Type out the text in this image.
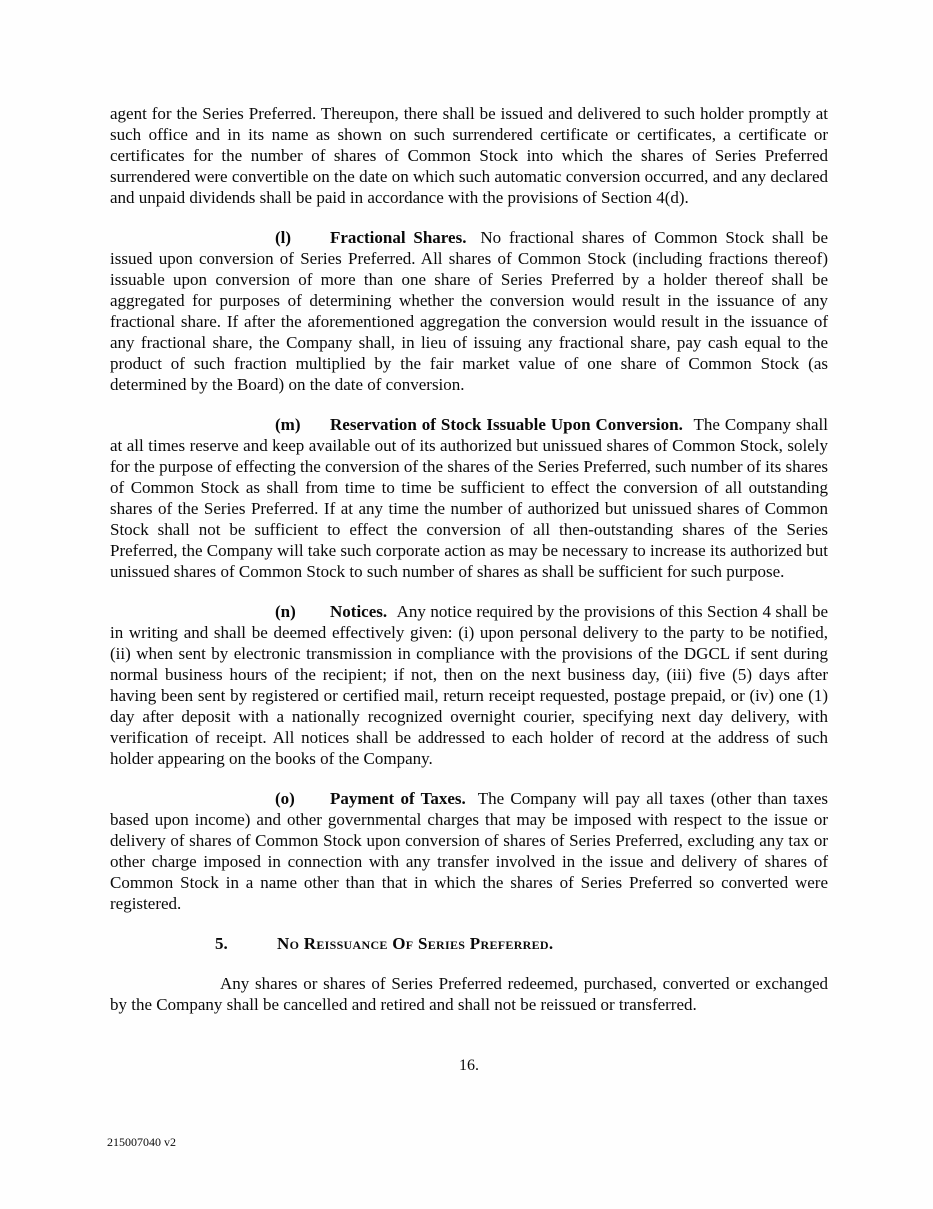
agent for the Series Preferred. Thereupon, there shall be issued and delivered to such holder promptly at such office and in its name as shown on such surrendered certificate or certificates, a certificate or certificates for the number of shares of Common Stock into which the shares of Series Preferred surrendered were convertible on the date on which such automatic conversion occurred, and any declared and unpaid dividends shall be paid in accordance with the provisions of Section 4(d).

(l) Fractional Shares. No fractional shares of Common Stock shall be issued upon conversion of Series Preferred. All shares of Common Stock (including fractions thereof) issuable upon conversion of more than one share of Series Preferred by a holder thereof shall be aggregated for purposes of determining whether the conversion would result in the issuance of any fractional share. If after the aforementioned aggregation the conversion would result in the issuance of any fractional share, the Company shall, in lieu of issuing any fractional share, pay cash equal to the product of such fraction multiplied by the fair market value of one share of Common Stock (as determined by the Board) on the date of conversion.

(m) Reservation of Stock Issuable Upon Conversion. The Company shall at all times reserve and keep available out of its authorized but unissued shares of Common Stock, solely for the purpose of effecting the conversion of the shares of the Series Preferred, such number of its shares of Common Stock as shall from time to time be sufficient to effect the conversion of all outstanding shares of the Series Preferred. If at any time the number of authorized but unissued shares of Common Stock shall not be sufficient to effect the conversion of all then-outstanding shares of the Series Preferred, the Company will take such corporate action as may be necessary to increase its authorized but unissued shares of Common Stock to such number of shares as shall be sufficient for such purpose.

(n) Notices. Any notice required by the provisions of this Section 4 shall be in writing and shall be deemed effectively given: (i) upon personal delivery to the party to be notified, (ii) when sent by electronic transmission in compliance with the provisions of the DGCL if sent during normal business hours of the recipient; if not, then on the next business day, (iii) five (5) days after having been sent by registered or certified mail, return receipt requested, postage prepaid, or (iv) one (1) day after deposit with a nationally recognized overnight courier, specifying next day delivery, with verification of receipt. All notices shall be addressed to each holder of record at the address of such holder appearing on the books of the Company.

(o) Payment of Taxes. The Company will pay all taxes (other than taxes based upon income) and other governmental charges that may be imposed with respect to the issue or delivery of shares of Common Stock upon conversion of shares of Series Preferred, excluding any tax or other charge imposed in connection with any transfer involved in the issue and delivery of shares of Common Stock in a name other than that in which the shares of Series Preferred so converted were registered.

5.	No Reissuance Of Series Preferred.

Any shares or shares of Series Preferred redeemed, purchased, converted or exchanged by the Company shall be cancelled and retired and shall not be reissued or transferred.

16.
215007040 v2
